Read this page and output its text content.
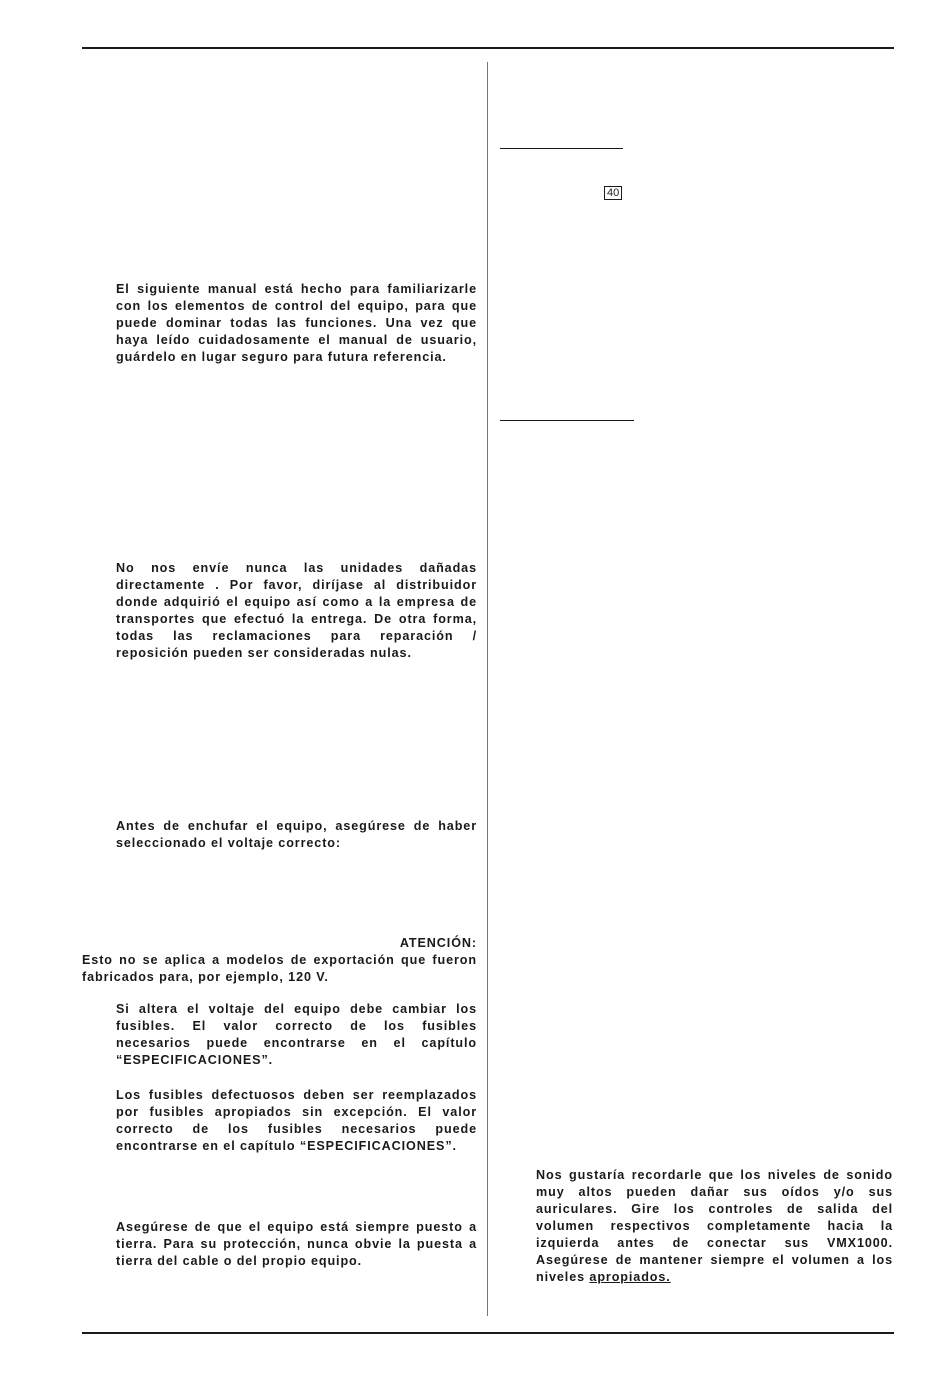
40

El siguiente manual está hecho para familiarizarle con los elementos de control del equipo, para que puede dominar todas las funciones. Una vez que haya leído cuidadosamente el manual de usuario, guárdelo en lugar seguro para futura referencia.

No nos envíe nunca las unidades dañadas directamente . Por favor, diríjase al distribuidor donde adquirió el equipo así como a la empresa de transportes que efectuó la entrega. De otra forma, todas las reclamaciones para reparación / reposición pueden ser consideradas nulas.

Antes de enchufar el equipo, asegúrese de haber seleccionado el voltaje correcto:

ATENCIÓN:

Esto no se aplica a modelos de exportación que fueron fabricados para, por ejemplo, 120 V.

Si altera el voltaje del equipo debe cambiar los fusibles. El valor correcto de los fusibles necesarios puede encontrarse en el capítulo “ESPECIFICACIONES”.

Los fusibles defectuosos deben ser reemplazados por fusibles apropiados sin excepción. El valor correcto de los fusibles necesarios puede encontrarse en el capítulo “ESPECIFICACIONES”.

Asegúrese de que el equipo está siempre puesto a tierra. Para su protección, nunca obvie la puesta a tierra del cable o del propio equipo.

Nos gustaría recordarle que los niveles de sonido muy altos pueden dañar sus oídos y/o sus auriculares. Gire los controles de salida del volumen respectivos completamente hacia la izquierda antes de conectar sus VMX1000. Asegúrese de mantener siempre el volumen a los niveles apropiados.
